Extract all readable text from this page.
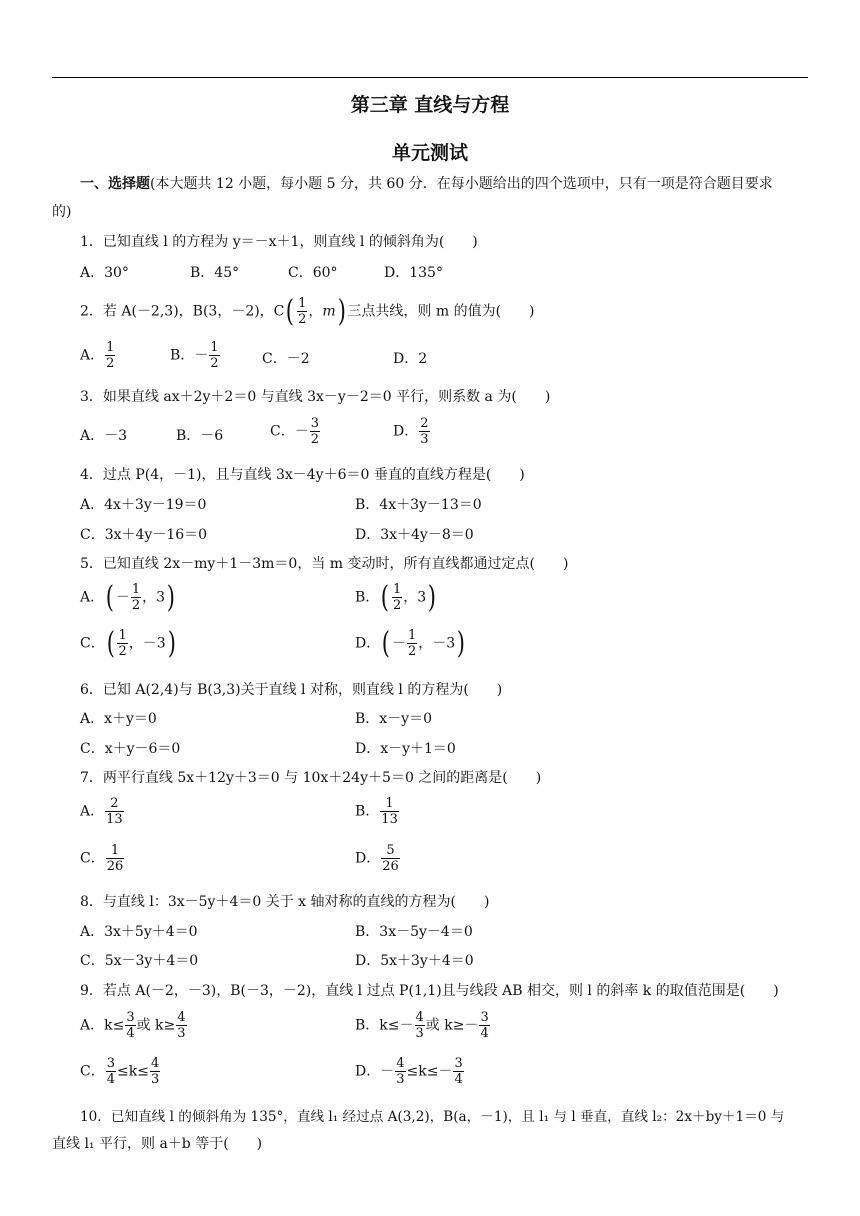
第三章 直线与方程
单元测试
一、选择题(本大题共 12 小题，每小题 5 分，共 60 分．在每小题给出的四个选项中，只有一项是符合题目要求
的)
1．已知直线 l 的方程为 y＝－x＋1，则直线 l 的倾斜角为(　　)
A．30°	B．45°	C．60°	D．135°
2．若 A(－2,3)，B(3，－2)，$C( \frac{1}{2}$ ，m) 三点共线，则 m 的值为(　　)
A． $\frac{1}{2}$	B．－ $\frac{1}{2}$	C．－2	D．2
3．如果直线 ax＋2y＋2＝0 与直线 3x－y－2＝0 平行，则系数 a 为(　　)
A．－3	B．－6	C．－ $\frac{3}{2}$	D． $\frac{2}{3}$
4．过点 P(4，－1)，且与直线 3x－4y＋6＝0 垂直的直线方程是(　　)
A．4x＋3y－19＝0	B．4x＋3y－13＝0
C．3x＋4y－16＝0	D．3x＋4y－8＝0
5．已知直线 2x－my＋1－3m＝0，当 m 变动时，所有直线都通过定点(　　)
A．( － $\frac{1}{2}$ ，3)	B．( $\frac{1}{2}$ ，3)
C．( $\frac{1}{2}$ ，－3)	D．( － $\frac{1}{2}$ ，－3)
6．已知 A(2,4)与 B(3,3)关于直线 l 对称，则直线 l 的方程为(　　)
A．x＋y＝0	B．x－y＝0
C．x＋y－6＝0	D．x－y＋1＝0
7．两平行直线 5x＋12y＋3＝0 与 10x＋24y＋5＝0 之间的距离是(　　)
A． $\frac{2}{13}$	B． $\frac{1}{13}$
C． $\frac{1}{26}$	D． $\frac{5}{26}$
8．与直线 l：3x－5y＋4＝0 关于 x 轴对称的直线的方程为(　　)
A．3x＋5y＋4＝0	B．3x－5y－4＝0
C．5x－3y＋4＝0	D．5x＋3y＋4＝0
9．若点 A(－2，－3)，B(－3，－2)，直线 l 过点 P(1,1)且与线段 AB 相交，则 l 的斜率 k 的取值范围是(　　)
A．$k\le \frac{3}{4}$ 或 $k\ge \frac{4}{3}$	B．$k\le- \frac{4}{3}$ 或 $k\ge- \frac{3}{4}$
C． $\frac{3}{4} \le k\le \frac{4}{3}$	D．－ $\frac{4}{3} \le k\le- \frac{3}{4}$
10．已知直线 l 的倾斜角为 135°，直线 l₁ 经过点 A(3,2)，B(a，－1)，且 l₁ 与 l 垂直，直线 l₂：2x＋by＋1＝0 与
直线 l₁ 平行，则 a＋b 等于(　　)
